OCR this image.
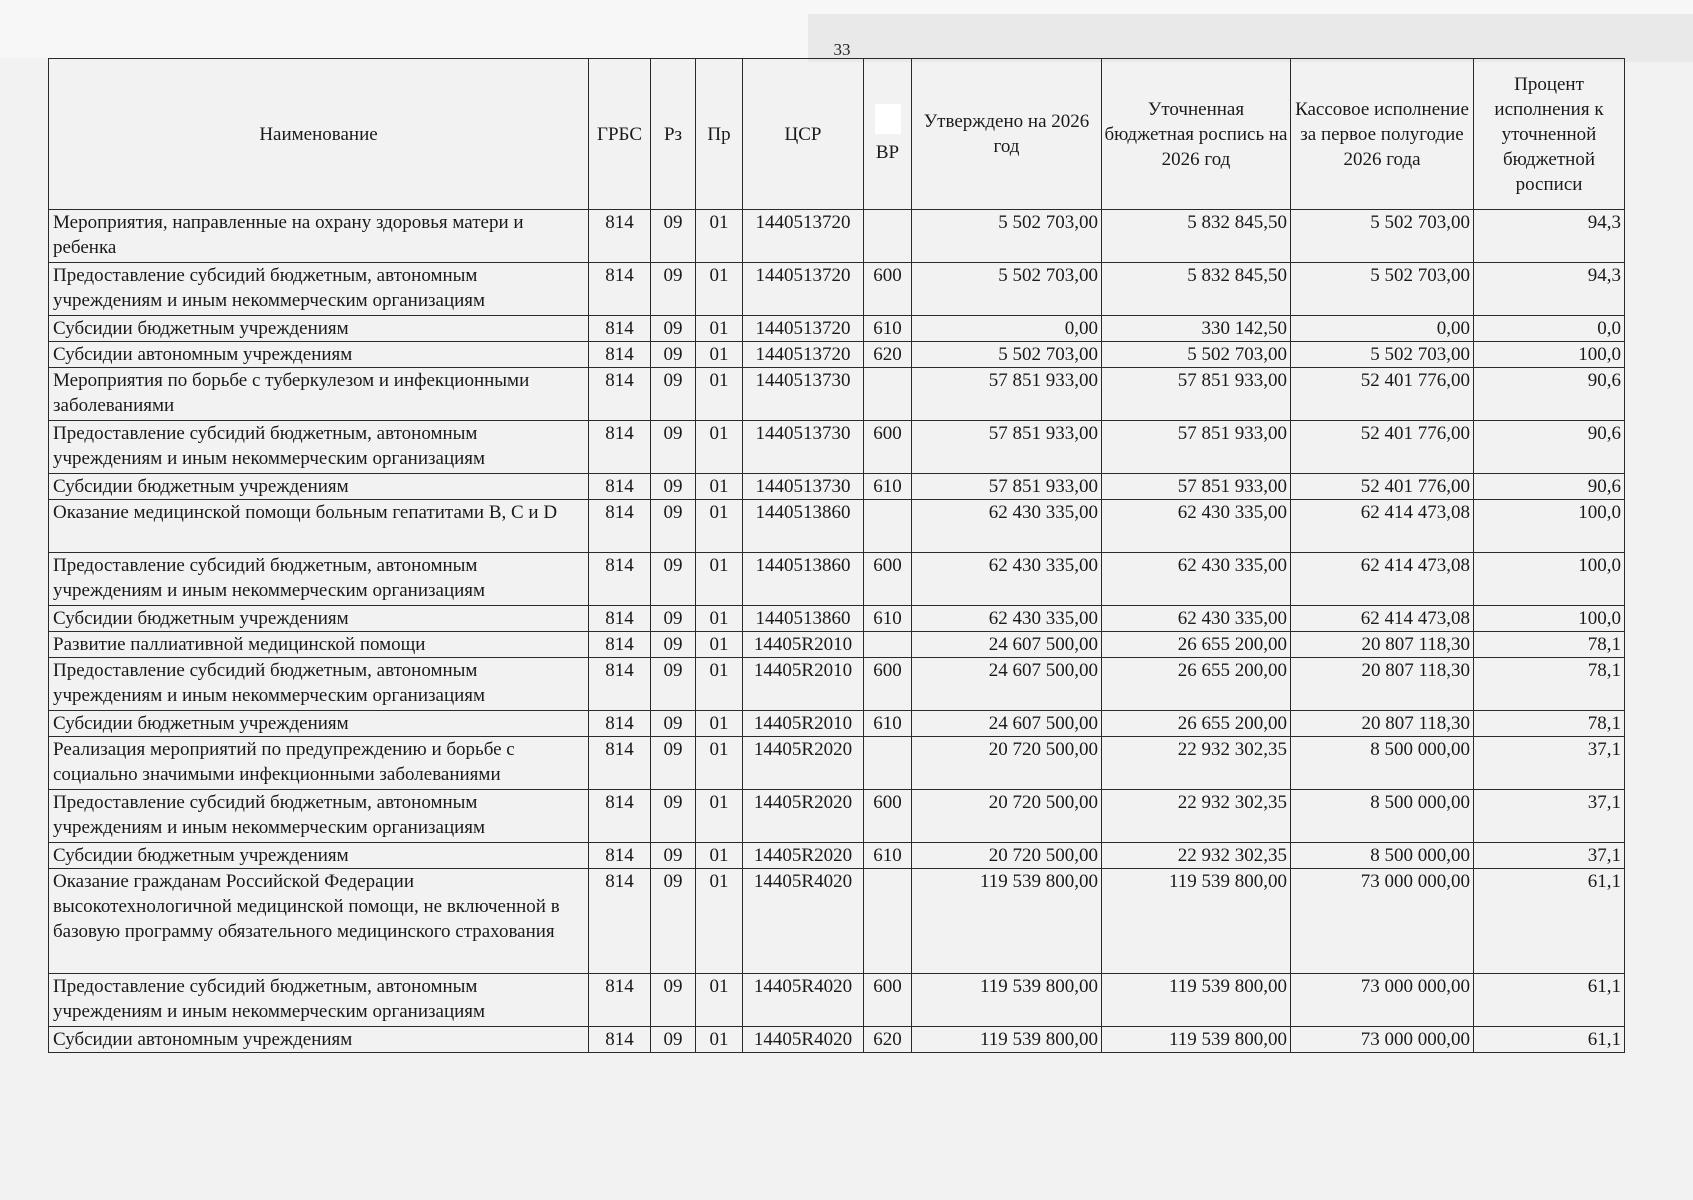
33
Наименование	ГРБС	Рз	Пр	ЦСР	ВР	Утверждено на 2026 год	Уточненная бюджетная роспись на 2026 год	Кассовое исполнение за первое полугодие 2026 года	Процент исполнения к уточненной бюджетной росписи
Мероприятия, направленные на охрану здоровья матери и ребенка	814	09	01	1440513720		5 502 703,00	5 832 845,50	5 502 703,00	94,3
Предоставление субсидий бюджетным, автономным учреждениям и иным некоммерческим организациям	814	09	01	1440513720	600	5 502 703,00	5 832 845,50	5 502 703,00	94,3
Субсидии бюджетным учреждениям	814	09	01	1440513720	610	0,00	330 142,50	0,00	0,0
Субсидии автономным учреждениям	814	09	01	1440513720	620	5 502 703,00	5 502 703,00	5 502 703,00	100,0
Мероприятия по борьбе с туберкулезом и инфекционными заболеваниями	814	09	01	1440513730		57 851 933,00	57 851 933,00	52 401 776,00	90,6
Предоставление субсидий бюджетным, автономным учреждениям и иным некоммерческим организациям	814	09	01	1440513730	600	57 851 933,00	57 851 933,00	52 401 776,00	90,6
Субсидии бюджетным учреждениям	814	09	01	1440513730	610	57 851 933,00	57 851 933,00	52 401 776,00	90,6
Оказание медицинской помощи больным гепатитами В, С и D	814	09	01	1440513860		62 430 335,00	62 430 335,00	62 414 473,08	100,0
Предоставление субсидий бюджетным, автономным учреждениям и иным некоммерческим организациям	814	09	01	1440513860	600	62 430 335,00	62 430 335,00	62 414 473,08	100,0
Субсидии бюджетным учреждениям	814	09	01	1440513860	610	62 430 335,00	62 430 335,00	62 414 473,08	100,0
Развитие паллиативной медицинской помощи	814	09	01	14405R2010		24 607 500,00	26 655 200,00	20 807 118,30	78,1
Предоставление субсидий бюджетным, автономным учреждениям и иным некоммерческим организациям	814	09	01	14405R2010	600	24 607 500,00	26 655 200,00	20 807 118,30	78,1
Субсидии бюджетным учреждениям	814	09	01	14405R2010	610	24 607 500,00	26 655 200,00	20 807 118,30	78,1
Реализация мероприятий по предупреждению и борьбе с социально значимыми инфекционными заболеваниями	814	09	01	14405R2020		20 720 500,00	22 932 302,35	8 500 000,00	37,1
Предоставление субсидий бюджетным, автономным учреждениям и иным некоммерческим организациям	814	09	01	14405R2020	600	20 720 500,00	22 932 302,35	8 500 000,00	37,1
Субсидии бюджетным учреждениям	814	09	01	14405R2020	610	20 720 500,00	22 932 302,35	8 500 000,00	37,1
Оказание гражданам Российской Федерации высокотехнологичной медицинской помощи, не включенной в базовую программу обязательного медицинского страхования	814	09	01	14405R4020		119 539 800,00	119 539 800,00	73 000 000,00	61,1
Предоставление субсидий бюджетным, автономным учреждениям и иным некоммерческим организациям	814	09	01	14405R4020	600	119 539 800,00	119 539 800,00	73 000 000,00	61,1
Субсидии автономным учреждениям	814	09	01	14405R4020	620	119 539 800,00	119 539 800,00	73 000 000,00	61,1
